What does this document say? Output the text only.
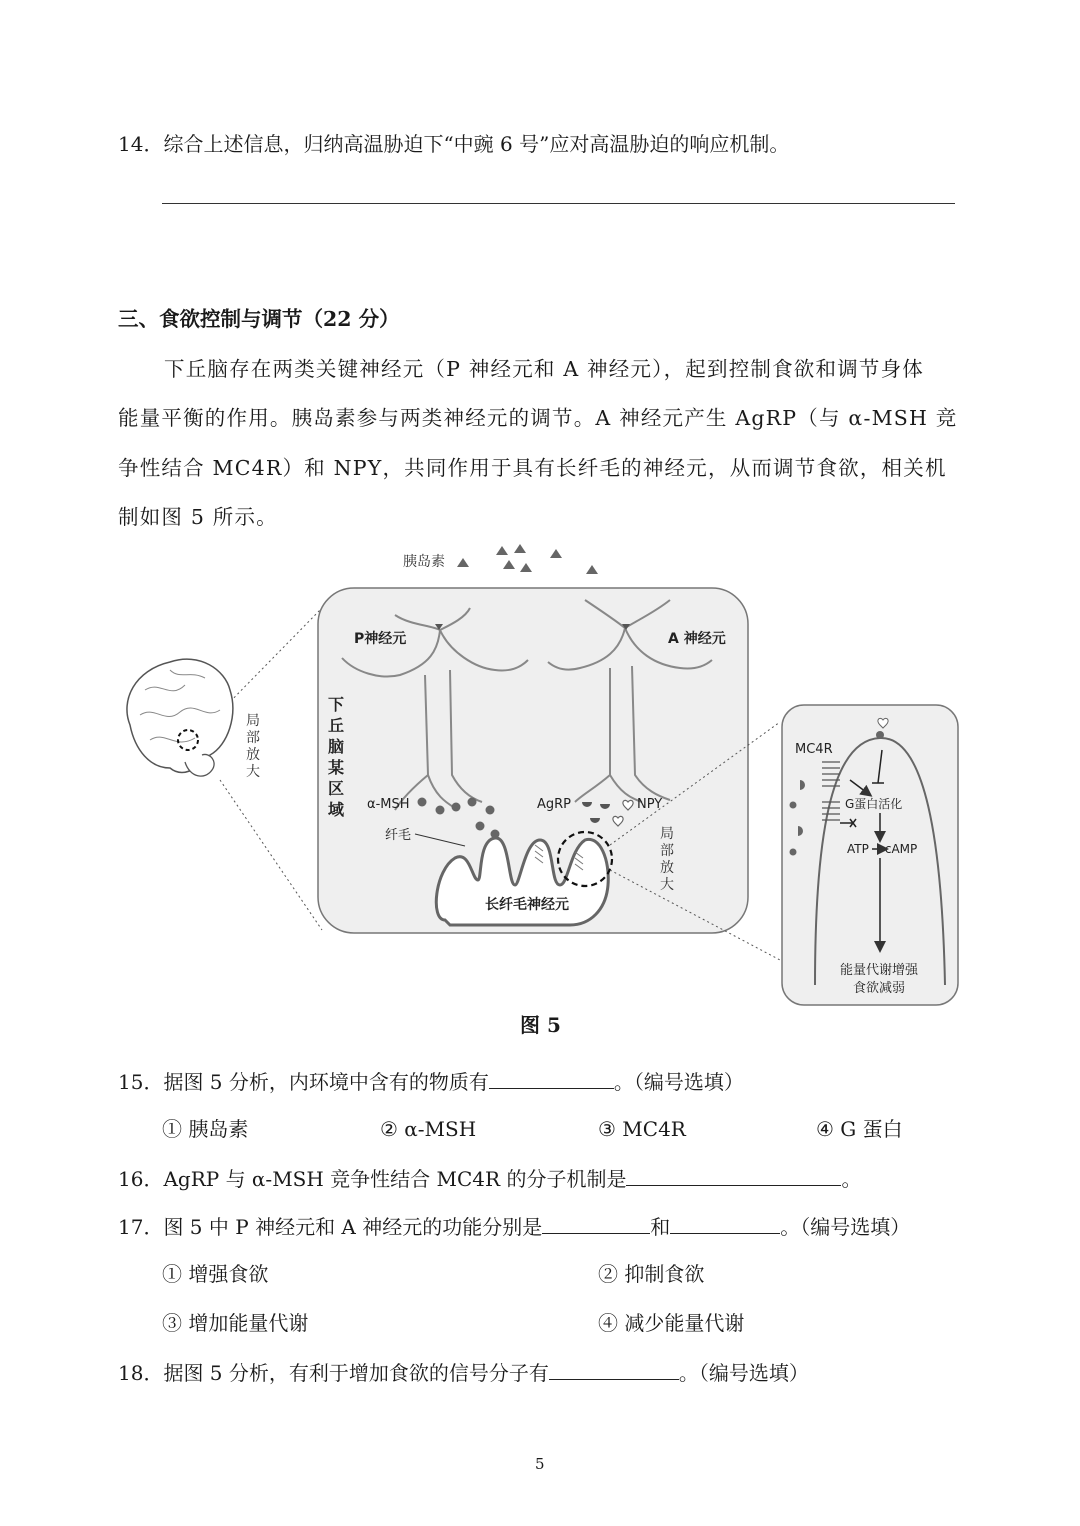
14．综合上述信息，归纳高温胁迫下“中豌 6 号”应对高温胁迫的响应机制。
三、食欲控制与调节（22 分）
下丘脑存在两类关键神经元（P 神经元和 A 神经元），起到控制食欲和调节身体
能量平衡的作用。胰岛素参与两类神经元的调节。A 神经元产生 AgRP（与 α-MSH 竞
争性结合 MC4R）和 NPY，共同作用于具有长纤毛的神经元，从而调节食欲，相关机
制如图 5 所示。
胰岛素
局部放大
P神经元	A 神经元
下丘脑某区域 α-MSH	AgRP	NPY
纤毛
长纤毛神经元
局部放大
MC4R
G蛋白活化
ATP cAMP
能量代谢增强
食欲减弱
图 5
15．据图 5 分析，内环境中含有的物质有	。（编号选填）
① 胰岛素	② α-MSH	③ MC4R	④ G 蛋白
16．AgRP 与 α-MSH 竞争性结合 MC4R 的分子机制是	。
17．图 5 中 P 神经元和 A 神经元的功能分别是	和	。（编号选填）
① 增强食欲	② 抑制食欲
③ 增加能量代谢	④ 减少能量代谢
18．据图 5 分析，有利于增加食欲的信号分子有	。（编号选填）
5
